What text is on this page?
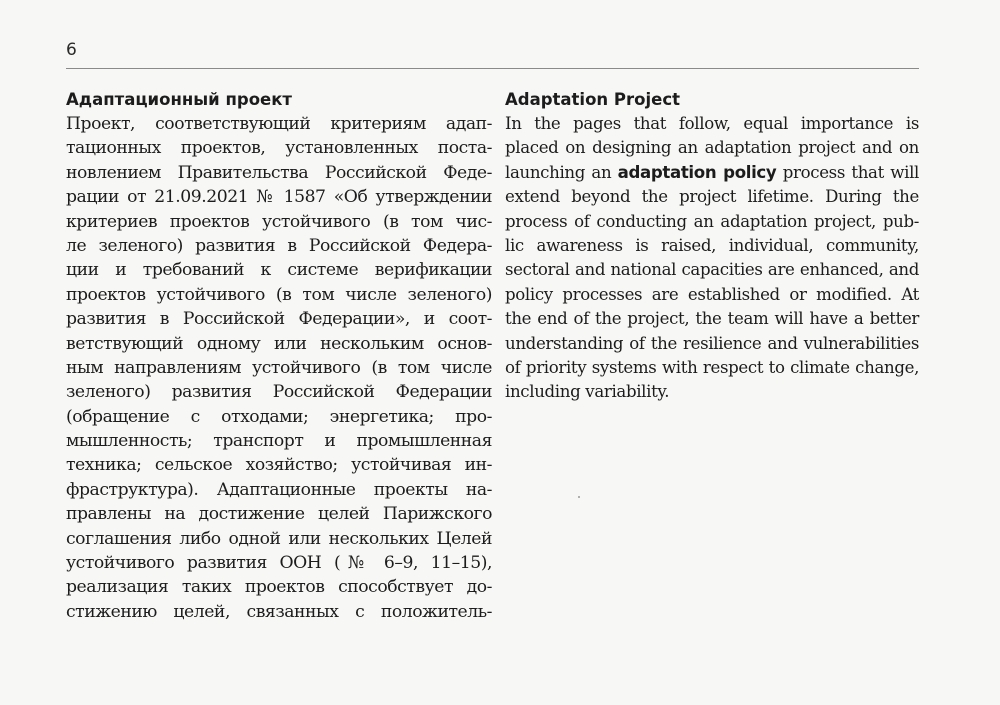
6
Адаптационный проект
Проект, соответствующий критериям адап-
тационных проектов, установленных поста-
новлением Правительства Российской Феде-
рации от 21.09.2021 № 1587 «Об утверждении
критериев проектов устойчивого (в том чис-
ле зеленого) развития в Российской Федера-
ции и требований к системе верификации
проектов устойчивого (в том числе зеленого)
развития в Российской Федерации», и соот-
ветствующий одному или нескольким основ-
ным направлениям устойчивого (в том числе
зеленого) развития Российской Федерации
(обращение с отходами; энергетика; про-
мышленность; транспорт и промышленная
техника; сельское хозяйство; устойчивая ин-
фраструктура). Адаптационные проекты на-
правлены на достижение целей Парижского
соглашения либо одной или нескольких Целей
устойчивого развития ООН (№ 6–9, 11–15),
реализация таких проектов способствует до-
стижению целей, связанных с положитель-
Adaptation Project
In the pages that follow, equal importance is
placed on designing an adaptation project and on
launching an adaptation policy process that will
extend beyond the project lifetime. During the
process of conducting an adaptation project, pub-
lic awareness is raised, individual, community,
sectoral and national capacities are enhanced, and
policy processes are established or modified. At
the end of the project, the team will have a better
understanding of the resilience and vulnerabilities
of priority systems with respect to climate change,
including variability.
